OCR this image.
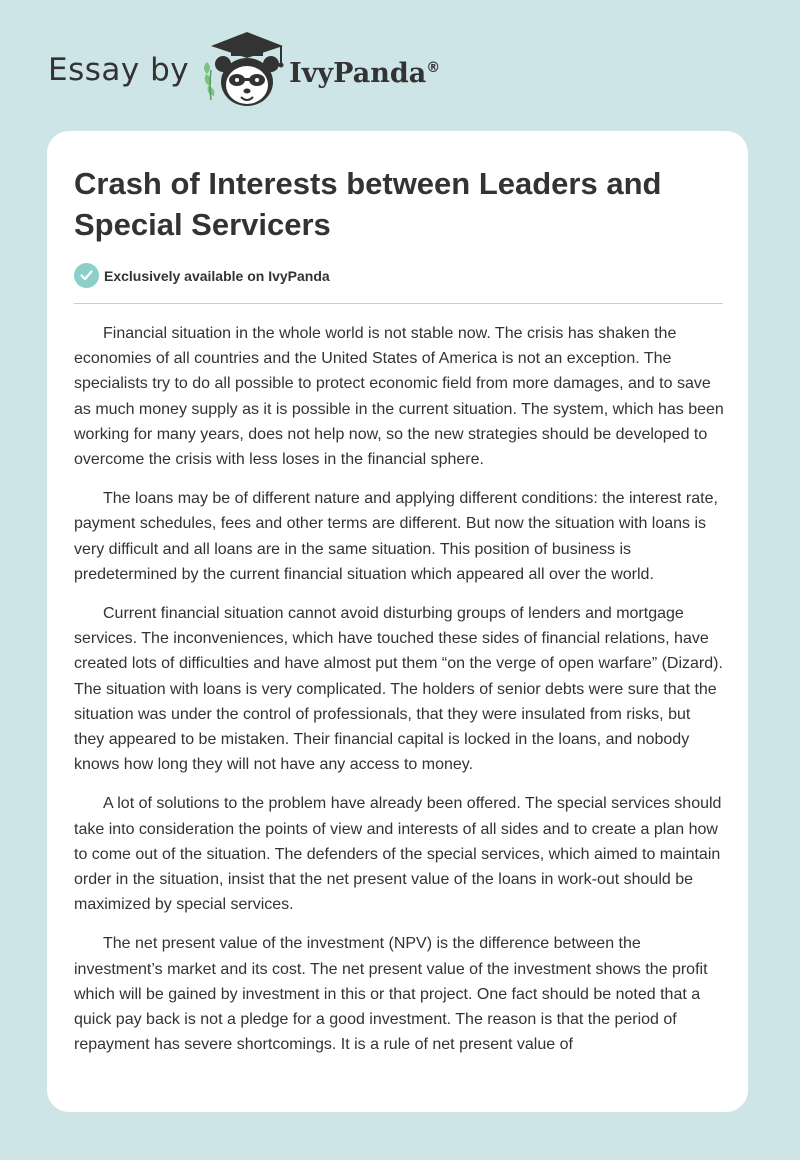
Essay by	IvyPanda®
Crash of Interests between Leaders and Special Servicers
Exclusively available on IvyPanda

Financial situation in the whole world is not stable now. The crisis has shaken the economies of all countries and the United States of America is not an exception. The specialists try to do all possible to protect economic field from more damages, and to save as much money supply as it is possible in the current situation. The system, which has been working for many years, does not help now, so the new strategies should be developed to overcome the crisis with less loses in the financial sphere.

The loans may be of different nature and applying different conditions: the interest rate, payment schedules, fees and other terms are different. But now the situation with loans is very difficult and all loans are in the same situation. This position of business is predetermined by the current financial situation which appeared all over the world.

Current financial situation cannot avoid disturbing groups of lenders and mortgage services. The inconveniences, which have touched these sides of financial relations, have created lots of difficulties and have almost put them “on the verge of open warfare” (Dizard). The situation with loans is very complicated. The holders of senior debts were sure that the situation was under the control of professionals, that they were insulated from risks, but they appeared to be mistaken. Their financial capital is locked in the loans, and nobody knows how long they will not have any access to money.

A lot of solutions to the problem have already been offered. The special services should take into consideration the points of view and interests of all sides and to create a plan how to come out of the situation. The defenders of the special services, which aimed to maintain order in the situation, insist that the net present value of the loans in work-out should be maximized by special services.

The net present value of the investment (NPV) is the difference between the investment’s market and its cost. The net present value of the investment shows the profit which will be gained by investment in this or that project. One fact should be noted that a quick pay back is not a pledge for a good investment. The reason is that the period of repayment has severe shortcomings. It is a rule of net present value of
